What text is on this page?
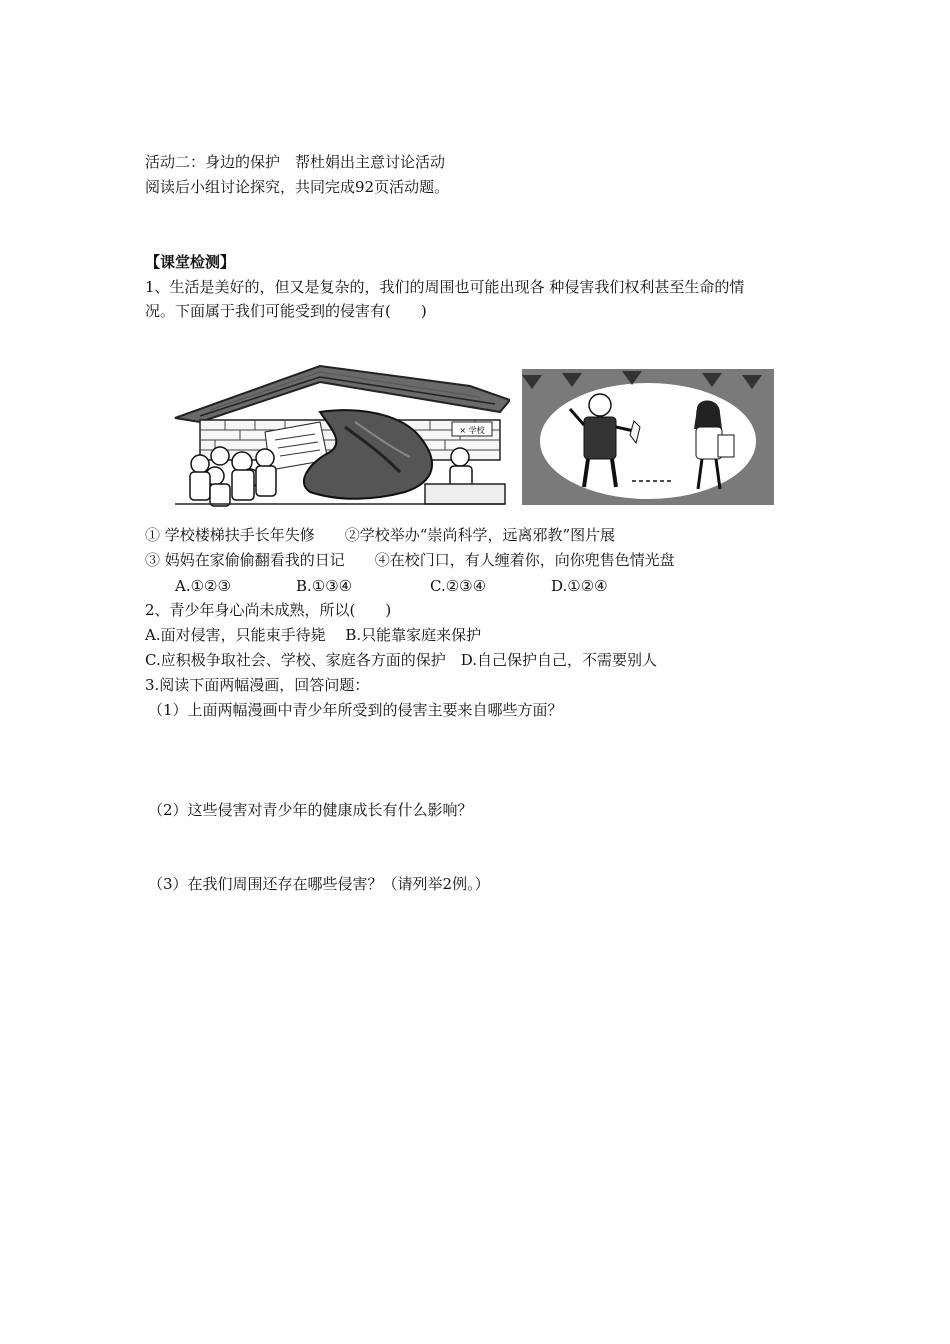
活动二：身边的保护　帮杜娟出主意讨论活动
阅读后小组讨论探究，共同完成92页活动题。
【课堂检测】
1、生活是美好的，但又是复杂的，我们的周围也可能出现各 种侵害我们权利甚至生命的情
况。下面属于我们可能受到的侵害有(　　)
× 学校
① 学校楼梯扶手长年失修　　②学校举办“崇尚科学，远离邪教”图片展
③ 妈妈在家偷偷翻看我的日记　　④在校门口，有人缠着你，向你兜售色情光盘
A.①②③	B.①③④	C.②③④	D.①②④
2、青少年身心尚未成熟，所以(　　)
A.面对侵害，只能束手待毙　 B.只能靠家庭来保护
C.应积极争取社会、学校、家庭各方面的保护　D.自己保护自己，不需要别人
3.阅读下面两幅漫画，回答问题：
（1）上面两幅漫画中青少年所受到的侵害主要来自哪些方面？
（2）这些侵害对青少年的健康成长有什么影响？
（3）在我们周围还存在哪些侵害？（请列举2例。）
